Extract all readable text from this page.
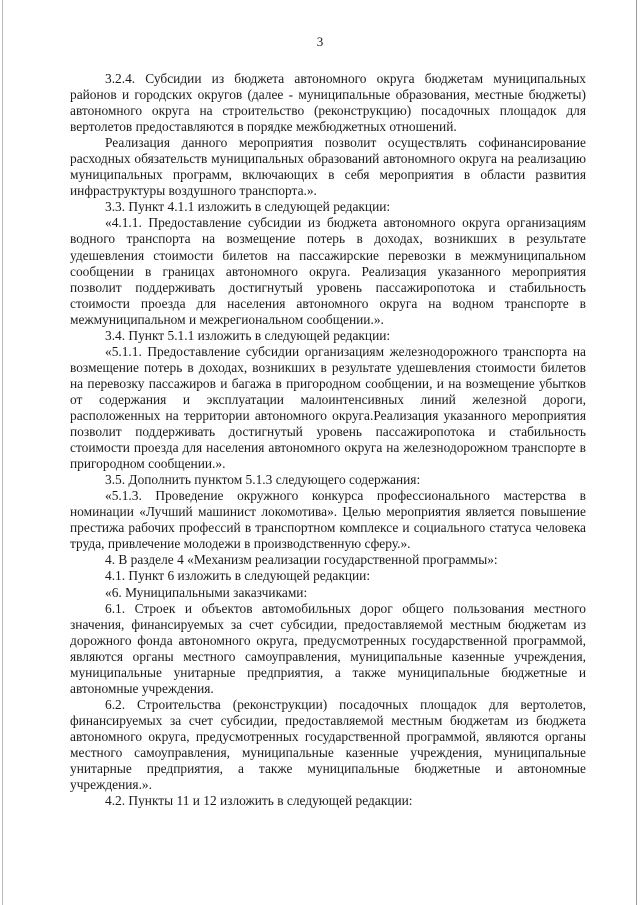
3

3.2.4. Субсидии из бюджета автономного округа бюджетам муниципальных районов и городских округов (далее - муниципальные образования, местные бюджеты) автономного округа на строительство (реконструкцию) посадочных площадок для вертолетов предоставляются в порядке межбюджетных отношений.

Реализация данного мероприятия позволит осуществлять софинансирование расходных обязательств муниципальных образований автономного округа на реализацию муниципальных программ, включающих в себя мероприятия в области развития инфраструктуры воздушного транспорта.».

3.3. Пункт 4.1.1 изложить в следующей редакции:

«4.1.1. Предоставление субсидии из бюджета автономного округа организациям водного транспорта на возмещение потерь в доходах, возникших в результате удешевления стоимости билетов на пассажирские перевозки в межмуниципальном сообщении в границах автономного округа. Реализация указанного мероприятия позволит поддерживать достигнутый уровень пассажиропотока и стабильность стоимости проезда для населения автономного округа на водном транспорте в межмуниципальном и межрегиональном сообщении.».

3.4. Пункт 5.1.1 изложить в следующей редакции:

«5.1.1. Предоставление субсидии организациям железнодорожного транспорта на возмещение потерь в доходах, возникших в результате удешевления стоимости билетов на перевозку пассажиров и багажа в пригородном сообщении, и на возмещение убытков от содержания и эксплуатации малоинтенсивных линий железной дороги, расположенных на территории автономного округа.Реализация указанного мероприятия позволит поддерживать достигнутый уровень пассажиропотока и стабильность стоимости проезда для населения автономного округа на железнодорожном транспорте в пригородном сообщении.».

3.5. Дополнить пунктом 5.1.3 следующего содержания:

«5.1.3. Проведение окружного конкурса профессионального мастерства в номинации «Лучший машинист локомотива». Целью мероприятия является повышение престижа рабочих профессий в транспортном комплексе и социального статуса человека труда, привлечение молодежи в производственную сферу.».

4. В разделе 4 «Механизм реализации государственной программы»:

4.1. Пункт 6 изложить в следующей редакции:

«6. Муниципальными заказчиками:

6.1. Строек и объектов автомобильных дорог общего пользования местного значения, финансируемых за счет субсидии, предоставляемой местным бюджетам из дорожного фонда автономного округа, предусмотренных государственной программой, являются органы местного самоуправления, муниципальные казенные учреждения, муниципальные унитарные предприятия, а также муниципальные бюджетные и автономные учреждения.

6.2. Строительства (реконструкции) посадочных площадок для вертолетов, финансируемых за счет субсидии, предоставляемой местным бюджетам из бюджета автономного округа, предусмотренных государственной программой, являются органы местного самоуправления, муниципальные казенные учреждения, муниципальные унитарные предприятия, а также муниципальные бюджетные и автономные учреждения.».

4.2. Пункты 11 и 12 изложить в следующей редакции:
